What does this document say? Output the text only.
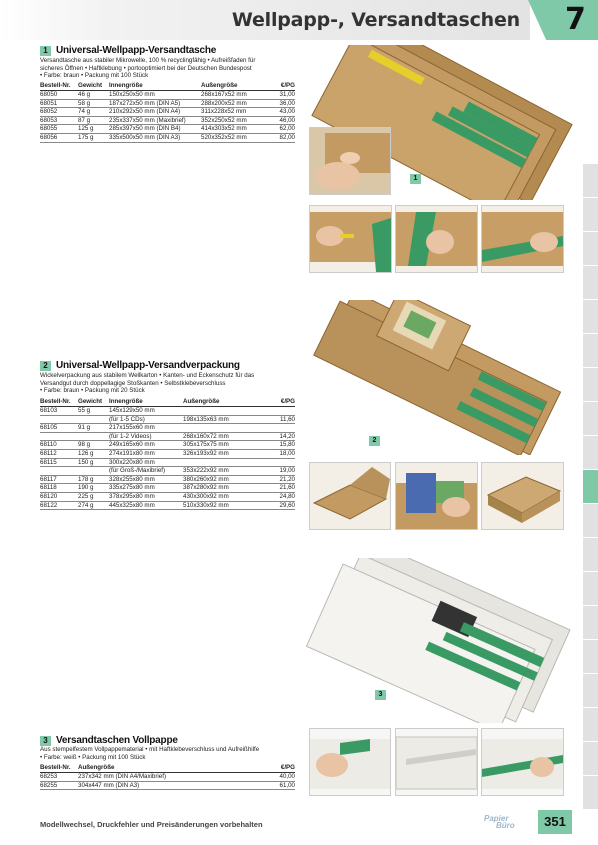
Wellpapp-, Versandtaschen 7
1 Universal-Wellpapp-Versandtasche
Versandtasche aus stabiler Mikrowelle, 100 % recyclingfähig • Aufreißfaden für
sicheres Öffnen • Haftklebung • portooptimiert bei der Deutschen Bundespost
• Farbe: braun • Packung mit 100 Stück
Bestell-Nr.	Gewicht	Innengröße	Außengröße	€/PG
68050	46 g	150x250x50 mm	268x167x52 mm	31,00
68051	58 g	187x272x50 mm (DIN A5)	288x200x52 mm	36,00
68052	74 g	210x292x50 mm (DIN A4)	311x228x52 mm	43,00
68053	87 g	235x337x50 mm (Maxibrief)	352x250x52 mm	46,00
68055	125 g	285x397x50 mm (DIN B4)	414x303x52 mm	62,00
68056	175 g	335x500x50 mm (DIN A3)	520x352x52 mm	82,00
1
2 Universal-Wellpapp-Versandverpackung
Wickelverpackung aus stabilem Wellkarton • Kanten- und Eckenschutz für das
Versandgut durch doppellagige Stoßkanten • Selbstklebeverschluss
• Farbe: braun • Packung mit 20 Stück
Bestell-Nr.	Gewicht	Innengröße	Außengröße	€/PG
68103	55 g	145x129x50 mm		
		(für 1-5 CDs)	198x135x63 mm	11,60
68105	91 g	217x155x60 mm		
		(für 1-2 Videos)	268x160x72 mm	14,20
68110	98 g	249x165x60 mm	305x175x75 mm	15,80
68112	126 g	274x191x80 mm	326x193x92 mm	18,00
68115	150 g	300x220x80 mm		
		(für Groß-/Maxibrief)	353x222x92 mm	19,00
68117	178 g	328x255x80 mm	380x260x92 mm	21,20
68118	190 g	335x275x80 mm	387x280x92 mm	21,60
68120	225 g	378x295x80 mm	430x300x92 mm	24,80
68122	274 g	445x325x80 mm	510x330x92 mm	29,60
2
3 Versandtaschen Vollpappe
Aus stempelfestem Vollpappematerial • mit Haftklebeverschluss und Aufreißhilfe
• Farbe: weiß • Packung mit 100 Stück
Bestell-Nr.	Außengröße	€/PG
68253	237x342 mm (DIN A4/Maxibrief)	40,00
68255	304x447 mm (DIN A3)	61,00
3
Modellwechsel, Druckfehler und Preisänderungen vorbehalten
Papier
Büro	351
